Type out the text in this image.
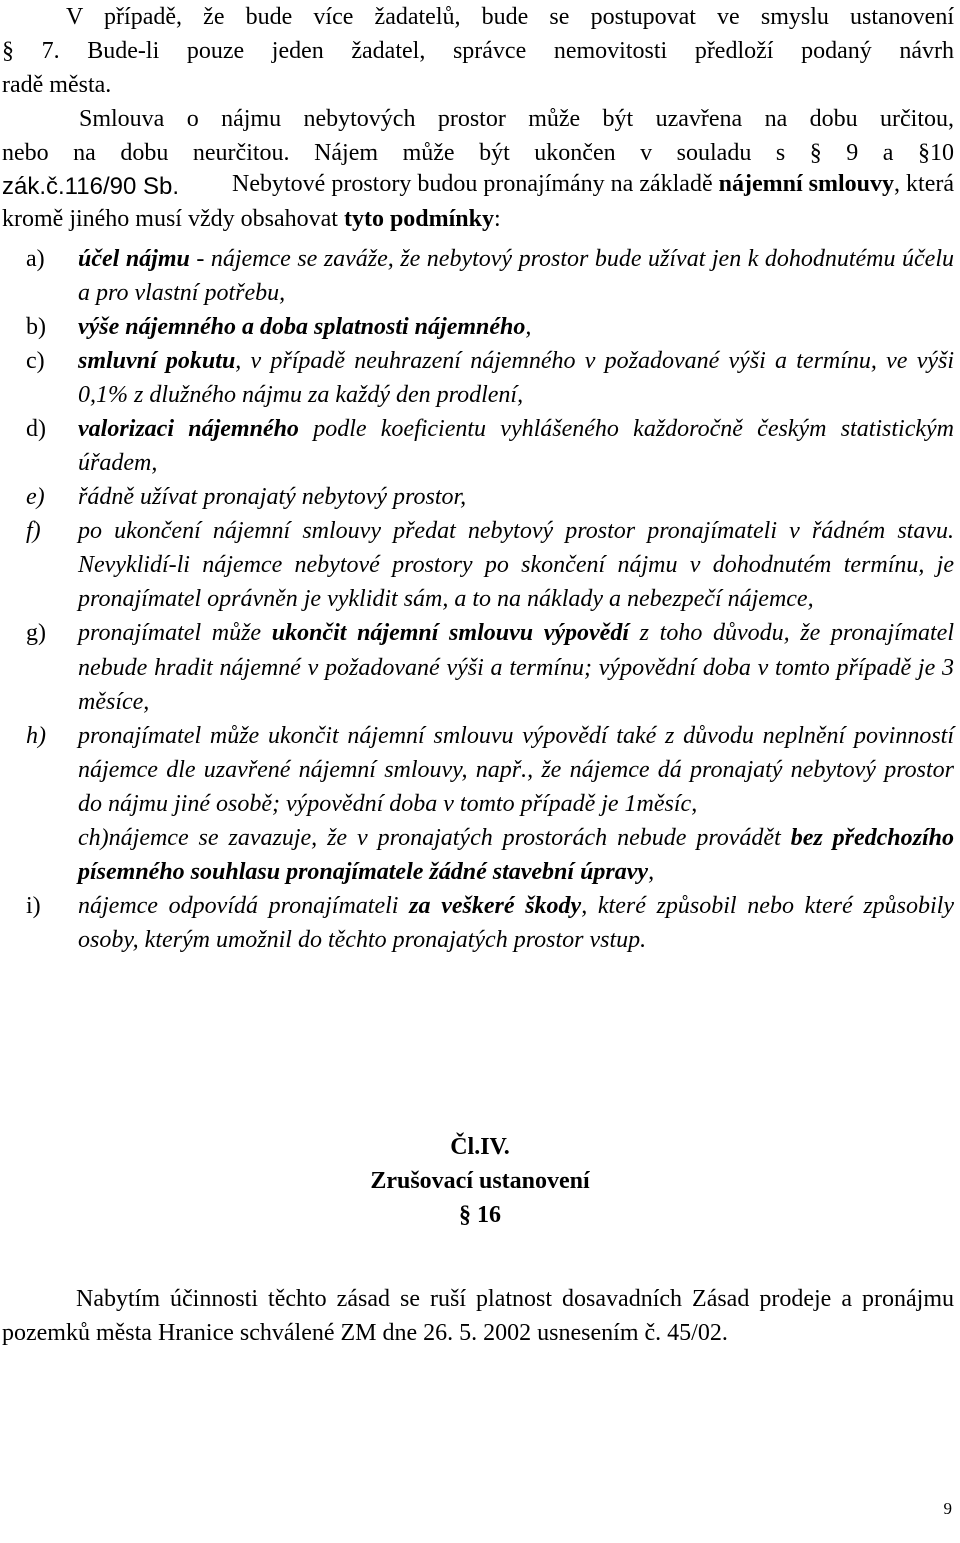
V případě, že bude více žadatelů, bude se postupovat ve smyslu ustanovení

§ 7. Bude-li pouze jeden žadatel, správce nemovitosti předloží podaný návrh

radě města.

Smlouva o nájmu nebytových prostor může být uzavřena na dobu určitou,

nebo na dobu neurčitou. Nájem může být ukončen v souladu s § 9 a §10

zák.č.116/90 Sb.	Nebytové prostory budou pronajímány na základě nájemní smlouvy, která kromě jiného musí vždy obsahovat tyto podmínky:

a)	účel nájmu - nájemce se zaváže, že nebytový prostor bude užívat jen k dohodnutému účelu a pro vlastní potřebu,

b)	výše nájemného a doba splatnosti nájemného,

c)	smluvní pokutu, v případě neuhrazení nájemného v požadované výši a termínu, ve výši 0,1% z dlužného nájmu za každý den prodlení,

d)	valorizaci nájemného podle koeficientu vyhlášeného každoročně českým statistickým úřadem,

e)	řádně užívat pronajatý nebytový prostor,

f)	po ukončení nájemní smlouvy předat nebytový prostor pronajímateli v řádném stavu. Nevyklidí-li nájemce nebytové prostory po skončení nájmu v dohodnutém termínu, je pronajímatel oprávněn je vyklidit sám, a to na náklady a nebezpečí nájemce,

g)	pronajímatel může ukončit nájemní smlouvu výpovědí z toho důvodu, že pronajímatel nebude hradit nájemné v požadované výši a termínu; výpovědní doba v tomto případě je 3 měsíce,

h)	pronajímatel může ukončit nájemní smlouvu výpovědí také z důvodu neplnění povinností nájemce dle uzavřené nájemní smlouvy, např., že nájemce dá pronajatý nebytový prostor do nájmu jiné osobě; výpovědní doba v tomto případě je 1měsíc,

ch)nájemce se zavazuje, že v pronajatých prostorách nebude provádět bez předchozího písemného souhlasu pronajímatele žádné stavební úpravy,

i)	nájemce odpovídá pronajímateli za veškeré škody, které způsobil nebo které způsobily osoby, kterým umožnil do těchto pronajatých prostor vstup.

Čl.IV.

Zrušovací ustanovení

§ 16

Nabytím účinnosti těchto zásad se ruší platnost dosavadních Zásad prodeje a pronájmu pozemků města Hranice schválené ZM dne 26. 5. 2002 usnesením č. 45/02.

9
